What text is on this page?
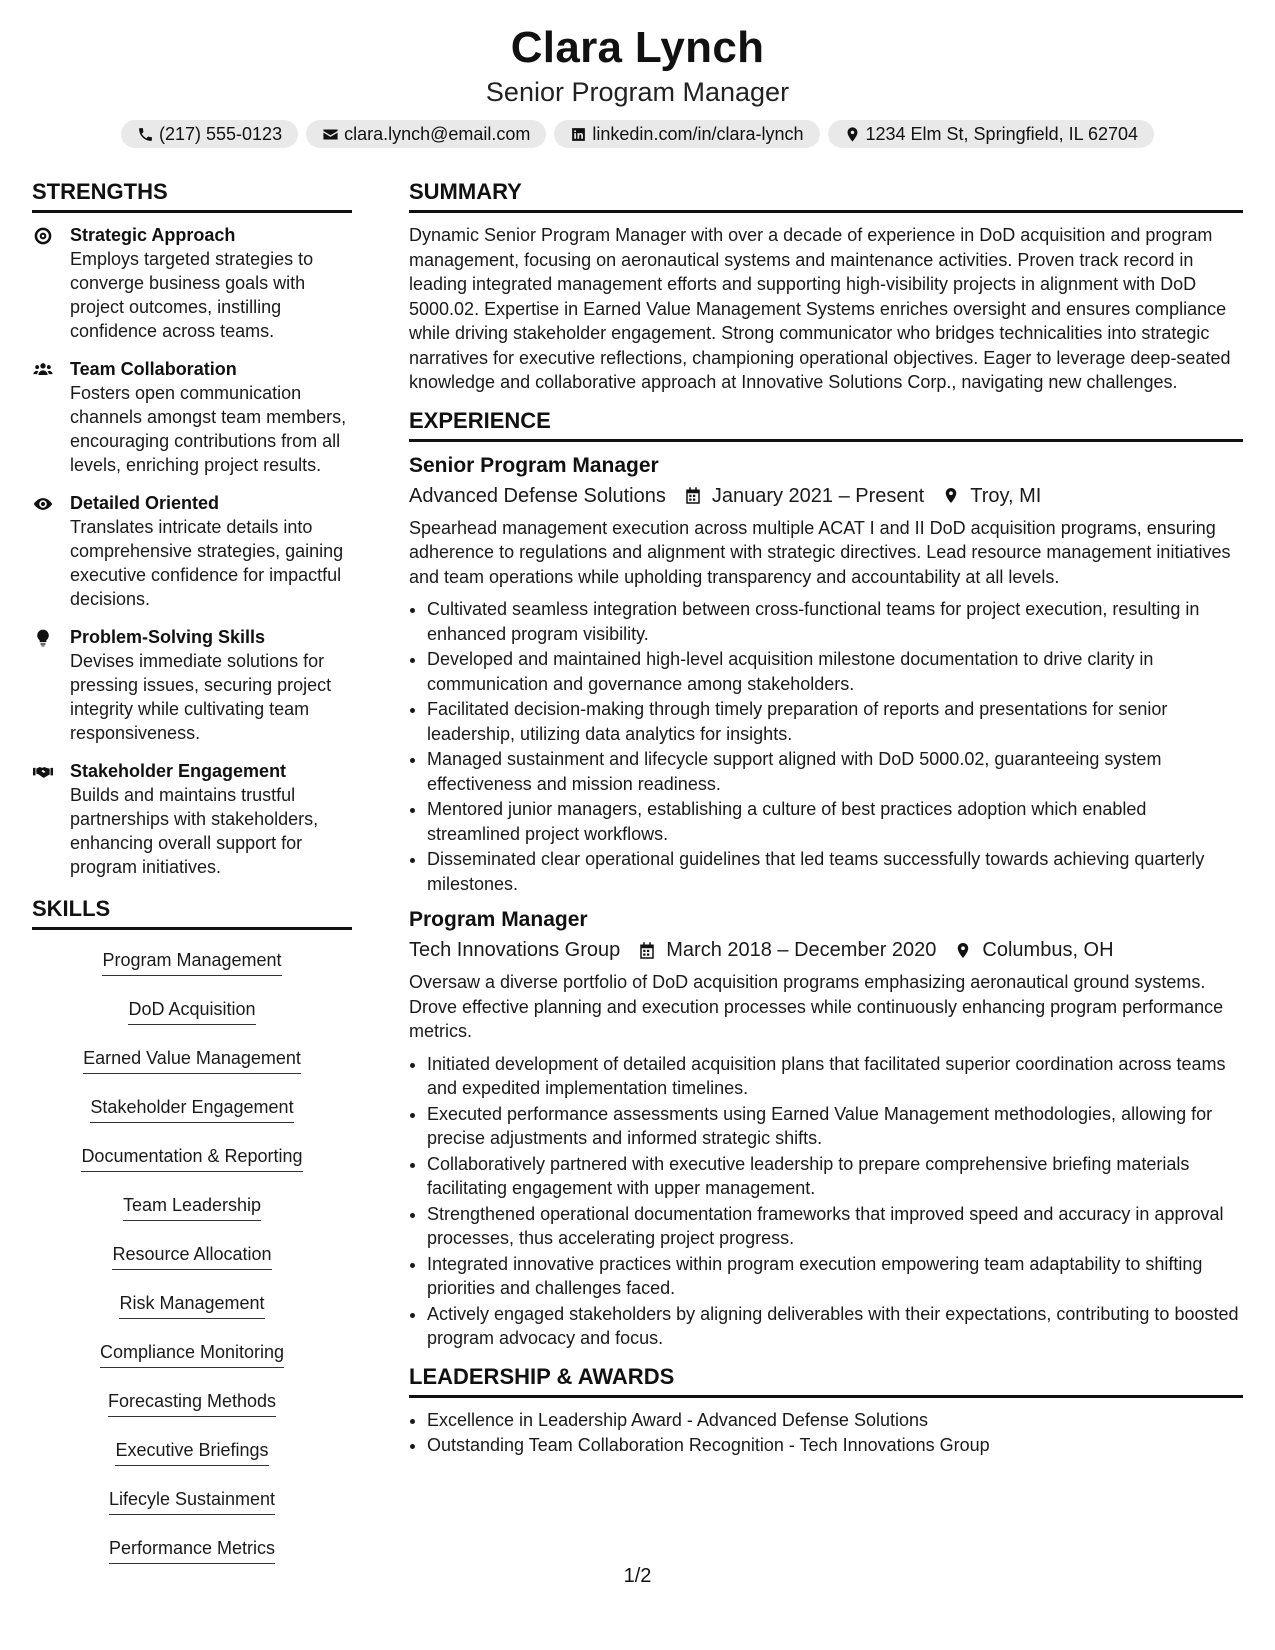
Clara Lynch
Senior Program Manager
(217) 555-0123	clara.lynch@email.com	linkedin.com/in/clara-lynch	1234 Elm St, Springfield, IL 62704
STRENGTHS
Strategic Approach
Employs targeted strategies to converge business goals with project outcomes, instilling confidence across teams.
Team Collaboration
Fosters open communication channels amongst team members, encouraging contributions from all levels, enriching project results.
Detailed Oriented
Translates intricate details into comprehensive strategies, gaining executive confidence for impactful decisions.
Problem-Solving Skills
Devises immediate solutions for pressing issues, securing project integrity while cultivating team responsiveness.
Stakeholder Engagement
Builds and maintains trustful partnerships with stakeholders, enhancing overall support for program initiatives.
SKILLS
Program Management
DoD Acquisition
Earned Value Management
Stakeholder Engagement
Documentation & Reporting
Team Leadership
Resource Allocation
Risk Management
Compliance Monitoring
Forecasting Methods
Executive Briefings
Lifecyle Sustainment
Performance Metrics
SUMMARY

Dynamic Senior Program Manager with over a decade of experience in DoD acquisition and program management, focusing on aeronautical systems and maintenance activities. Proven track record in leading integrated management efforts and supporting high-visibility projects in alignment with DoD 5000.02. Expertise in Earned Value Management Systems enriches oversight and ensures compliance while driving stakeholder engagement. Strong communicator who bridges technicalities into strategic narratives for executive reflections, championing operational objectives. Eager to leverage deep-seated knowledge and collaborative approach at Innovative Solutions Corp., navigating new challenges.

EXPERIENCE
Senior Program Manager
Advanced Defense Solutions January 2021 – Present Troy, MI

Spearhead management execution across multiple ACAT I and II DoD acquisition programs, ensuring adherence to regulations and alignment with strategic directives. Lead resource management initiatives and team operations while upholding transparency and accountability at all levels.

• Cultivated seamless integration between cross-functional teams for project execution, resulting in enhanced program visibility.
• Developed and maintained high-level acquisition milestone documentation to drive clarity in communication and governance among stakeholders.
• Facilitated decision-making through timely preparation of reports and presentations for senior leadership, utilizing data analytics for insights.
• Managed sustainment and lifecycle support aligned with DoD 5000.02, guaranteeing system effectiveness and mission readiness.
• Mentored junior managers, establishing a culture of best practices adoption which enabled streamlined project workflows.
• Disseminated clear operational guidelines that led teams successfully towards achieving quarterly milestones.
Program Manager
Tech Innovations Group March 2018 – December 2020 Columbus, OH

Oversaw a diverse portfolio of DoD acquisition programs emphasizing aeronautical ground systems. Drove effective planning and execution processes while continuously enhancing program performance metrics.

• Initiated development of detailed acquisition plans that facilitated superior coordination across teams and expedited implementation timelines.
• Executed performance assessments using Earned Value Management methodologies, allowing for precise adjustments and informed strategic shifts.
• Collaboratively partnered with executive leadership to prepare comprehensive briefing materials facilitating engagement with upper management.
• Strengthened operational documentation frameworks that improved speed and accuracy in approval processes, thus accelerating project progress.
• Integrated innovative practices within program execution empowering team adaptability to shifting priorities and challenges faced.
• Actively engaged stakeholders by aligning deliverables with their expectations, contributing to boosted program advocacy and focus.
LEADERSHIP & AWARDS
• Excellence in Leadership Award - Advanced Defense Solutions
• Outstanding Team Collaboration Recognition - Tech Innovations Group
1/2
